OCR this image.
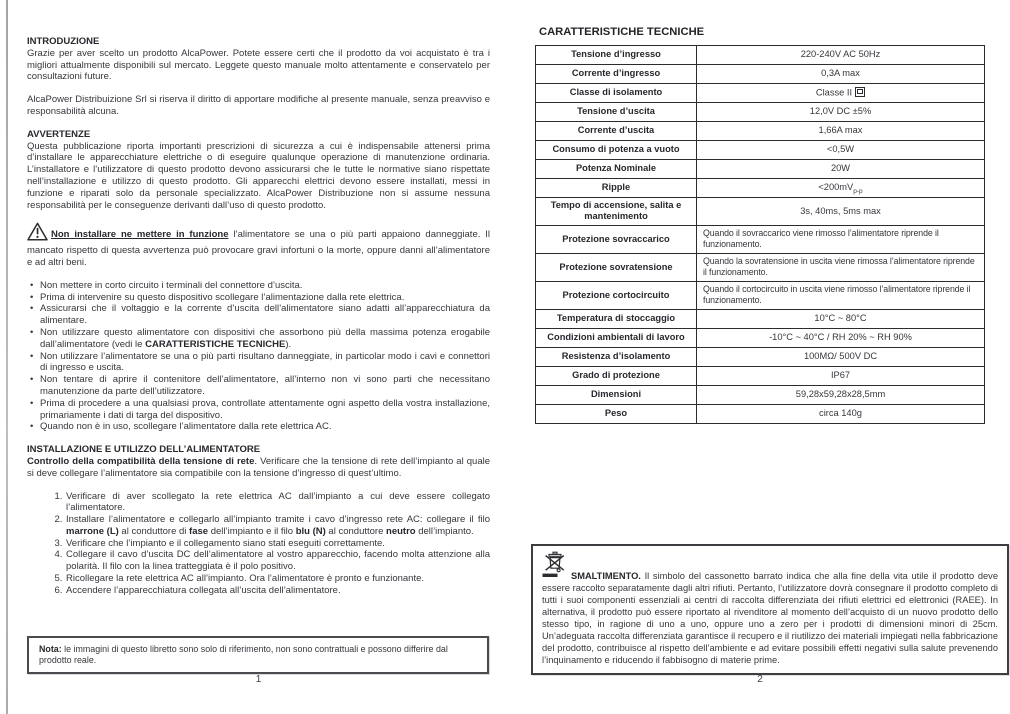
INTRODUZIONE

Grazie per aver scelto un prodotto AlcaPower. Potete essere certi che il prodotto da voi acquistato è tra i migliori attualmente disponibili sul mercato. Leggete questo manuale molto attentamente e conservatelo per consultazioni future.

AlcaPower Distribuizione Srl si riserva il diritto di apportare modifiche al presente manuale, senza preavviso e responsabilità alcuna.

AVVERTENZE

Questa pubblicazione riporta importanti prescrizioni di sicurezza a cui è indispensabile attenersi prima d’installare le apparecchiature elettriche o di eseguire qualunque operazione di manutenzione ordinaria. L’installatore e l’utilizzatore di questo prodotto devono assicurarsi che le tutte le normative siano rispettate nell’installazione e utilizzo di questo prodotto. Gli apparecchi elettrici devono essere installati, messi in funzione e riparati solo da personale specializzato. AlcaPower Distribuzione non si assume nessuna responsabilità per le conseguenze derivanti dall’uso di questo prodotto.

Non installare ne mettere in funzione l’alimentatore se una o più parti appaiono danneggiate. Il mancato rispetto di questa avvertenza può provocare gravi infortuni o la morte, oppure danni all’alimentatore e ad altri beni.

• Non mettere in corto circuito i terminali del connettore d’uscita.
• Prima di intervenire su questo dispositivo scollegare l’alimentazione dalla rete elettrica.
• Assicurarsi che il voltaggio e la corrente d’uscita dell’alimentatore siano adatti all’apparecchiatura da alimentare.
• Non utilizzare questo alimentatore con dispositivi che assorbono più della massima potenza erogabile dall’alimentatore (vedi le CARATTERISTICHE TECNICHE).
• Non utilizzare l’alimentatore se una o più parti risultano danneggiate, in particolar modo i cavi e connettori di ingresso e uscita.
• Non tentare di aprire il contenitore dell’alimentatore, all’interno non vi sono parti che necessitano manutenzione da parte dell’utilizzatore.
• Prima di procedere a una qualsiasi prova, controllate attentamente ogni aspetto della vostra installazione, primariamente i dati di targa del dispositivo.
• Quando non è in uso, scollegare l’alimentatore dalla rete elettrica AC.
INSTALLAZIONE E UTILIZZO DELL’ALIMENTATORE

Controllo della compatibilità della tensione di rete. Verificare che la tensione di rete dell’impianto al quale si deve collegare l’alimentatore sia compatibile con la tensione d’ingresso di quest’ultimo.

1. Verificare di aver scollegato la rete elettrica AC dall’impianto a cui deve essere collegato l’alimentatore.
2. Installare l’alimentatore e collegarlo all’impianto tramite i cavo d’ingresso rete AC: collegare il filo marrone (L) al conduttore di fase dell’impianto e il filo blu (N) al conduttore neutro dell’impianto.
3. Verificare che l’impianto e il collegamento siano stati eseguiti correttamente.
4. Collegare il cavo d’uscita DC dell’alimentatore al vostro apparecchio, facendo molta attenzione alla polarità. Il filo con la linea tratteggiata è il polo positivo.
5. Ricollegare la rete elettrica AC all’impianto. Ora l’alimentatore è pronto e funzionante.
6. Accendere l’apparecchiatura collegata all’uscita dell’alimentatore.
Nota: le immagini di questo libretto sono solo di riferimento, non sono contrattuali e possono differire dal prodotto reale.
1
CARATTERISTICHE TECNICHE
Tensione d’ingresso	220-240V AC 50Hz
Corrente d’ingresso	0,3A max
Classe di isolamento	Classe II

Tensione d’uscita	12,0V DC ±5%
Corrente d’uscita	1,66A max
Consumo di potenza a vuoto	<0,5W
Potenza Nominale	20W
Ripple	$<200mV_{p-p}$
Tempo di accensione, salita e mantenimento	3s, 40ms, 5ms max
Protezione sovraccarico	Quando il sovraccarico viene rimosso l’alimentatore riprende il funzionamento.
Protezione sovratensione	Quando la sovratensione in uscita viene rimossa l’alimentatore riprende il funzionamento.
Protezione cortocircuito	Quando il cortocircuito in uscita viene rimosso l’alimentatore riprende il funzionamento.
Temperatura di stoccaggio	10°C ~ 80°C
Condizioni ambientali di lavoro	-10°C ~ 40°C / RH 20% ~ RH 90%
Resistenza d’isolamento	100MΩ/ 500V DC
Grado di protezione	IP67
Dimensioni	59,28x59,28x28,5mm
Peso	circa 140g
SMALTIMENTO. Il simbolo del cassonetto barrato indica che alla fine della vita utile il prodotto deve essere raccolto separatamente dagli altri rifiuti. Pertanto, l’utilizzatore dovrà consegnare il prodotto completo di tutti i suoi componenti essenziali ai centri di raccolta differenziata dei rifiuti elettrici ed elettronici (RAEE). In alternativa, il prodotto può essere riportato al rivenditore al momento dell’acquisto di un nuovo prodotto dello stesso tipo, in ragione di uno a uno, oppure uno a zero per i prodotti di dimensioni minori di 25cm. Un’adeguata raccolta differenziata garantisce il recupero e il riutilizzo dei materiali impiegati nella fabbricazione del prodotto, contribuisce al rispetto dell’ambiente e ad evitare possibili effetti negativi sulla salute prevenendo l’inquinamento e riducendo il fabbisogno di materie prime.
2
